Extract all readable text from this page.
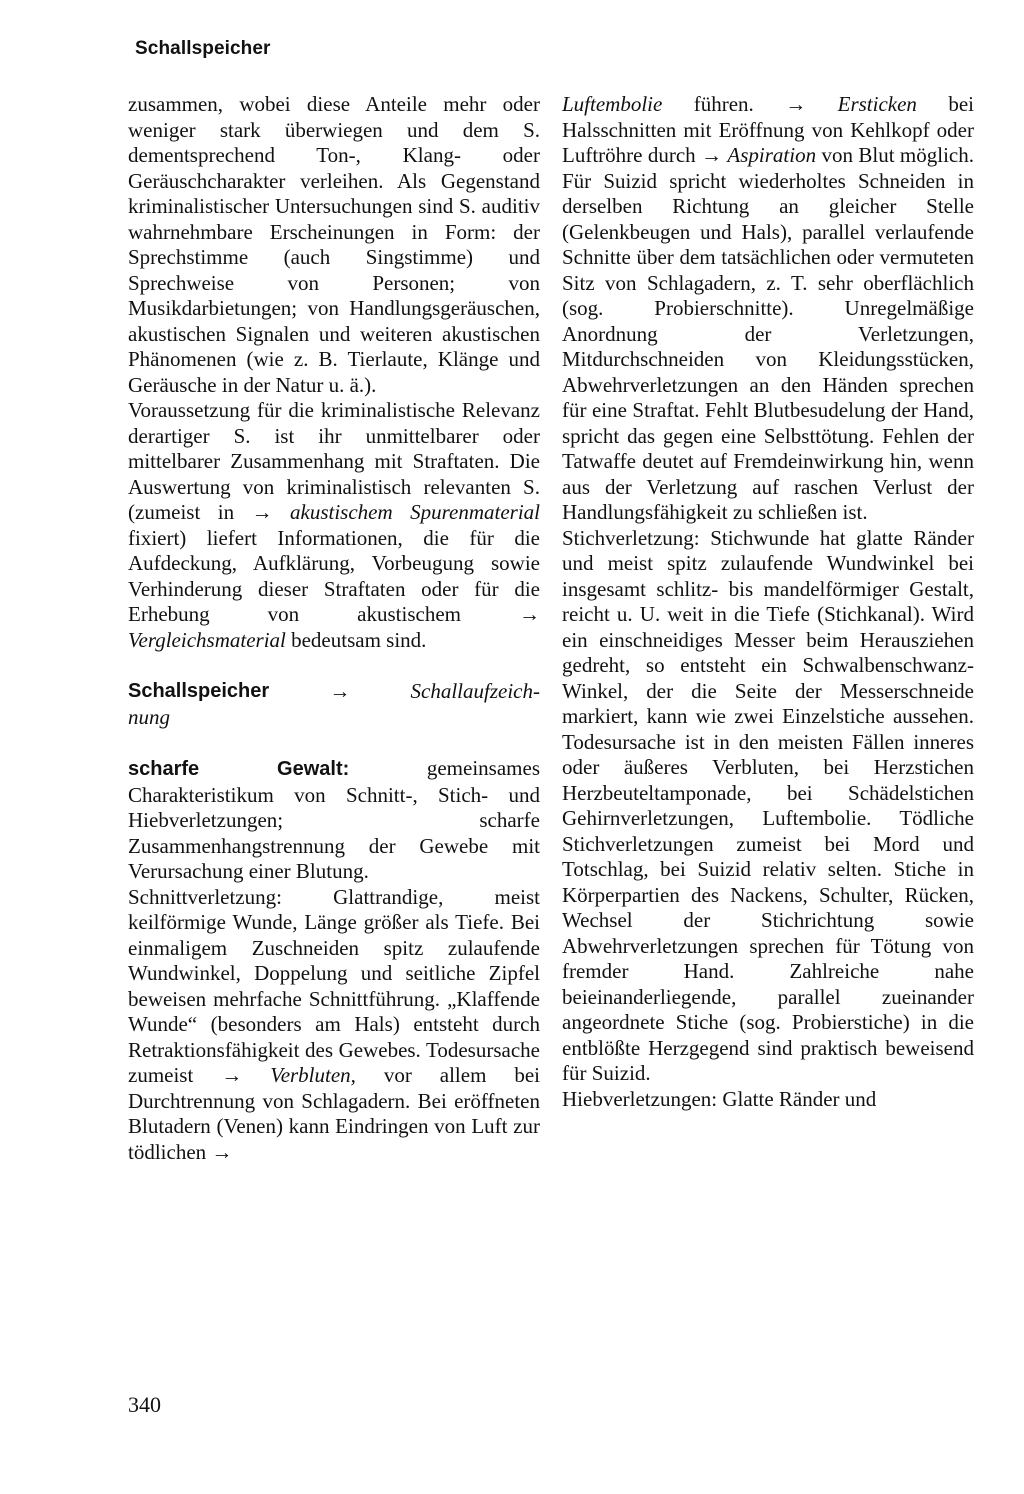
Schallspeicher

zusammen, wobei diese Anteile mehr oder weniger stark überwiegen und dem S. dementsprechend Ton-, Klang- oder Geräuschcharakter verleihen. Als Gegenstand kriminalistischer Untersuchungen sind S. auditiv wahrnehmbare Erscheinungen in Form: der Sprechstimme (auch Singstimme) und Sprechweise von Personen; von Musikdarbietungen; von Handlungsgeräuschen, akustischen Signalen und weiteren akustischen Phänomenen (wie z. B. Tierlaute, Klänge und Geräusche in der Natur u. ä.).

Voraussetzung für die kriminalistische Relevanz derartiger S. ist ihr unmittelbarer oder mittelbarer Zusammenhang mit Straftaten. Die Auswertung von kriminalistisch relevanten S. (zumeist in → akustischem Spurenmaterial fixiert) liefert Informationen, die für die Aufdeckung, Aufklärung, Vorbeugung sowie Verhinderung dieser Straftaten oder für die Erhebung von akustischem → Vergleichsmaterial bedeutsam sind.

Schallspeicher	→	Schallaufzeich-
nung

scharfe Gewalt: gemeinsames Charakteristikum von Schnitt-, Stich- und Hiebverletzungen; scharfe Zusammenhangstrennung der Gewebe mit Verursachung einer Blutung.

Schnittverletzung: Glattrandige, meist keilförmige Wunde, Länge größer als Tiefe. Bei einmaligem Zuschneiden spitz zulaufende Wundwinkel, Doppelung und seitliche Zipfel beweisen mehrfache Schnittführung. „Klaffende Wunde“ (besonders am Hals) entsteht durch Retraktionsfähigkeit des Gewebes. Todesursache zumeist → Verbluten, vor allem bei Durchtrennung von Schlagadern. Bei eröffneten Blutadern (Venen) kann Eindringen von Luft zur tödlichen →

Luftembolie führen. → Ersticken bei Halsschnitten mit Eröffnung von Kehlkopf oder Luftröhre durch → Aspiration von Blut möglich. Für Suizid spricht wiederholtes Schneiden in derselben Richtung an gleicher Stelle (Gelenkbeugen und Hals), parallel verlaufende Schnitte über dem tatsächlichen oder vermuteten Sitz von Schlagadern, z. T. sehr oberflächlich (sog. Probierschnitte). Unregelmäßige Anordnung der Verletzungen, Mitdurchschneiden von Kleidungsstücken, Abwehrverletzungen an den Händen sprechen für eine Straftat. Fehlt Blutbesudelung der Hand, spricht das gegen eine Selbsttötung. Fehlen der Tatwaffe deutet auf Fremdeinwirkung hin, wenn aus der Verletzung auf raschen Verlust der Handlungsfähigkeit zu schließen ist.

Stichverletzung: Stichwunde hat glatte Ränder und meist spitz zulaufende Wundwinkel bei insgesamt schlitz- bis mandelförmiger Gestalt, reicht u. U. weit in die Tiefe (Stichkanal). Wird ein einschneidiges Messer beim Herausziehen gedreht, so entsteht ein Schwalbenschwanz-Winkel, der die Seite der Messerschneide markiert, kann wie zwei Einzelstiche aussehen. Todesursache ist in den meisten Fällen inneres oder äußeres Verbluten, bei Herzstichen Herzbeuteltamponade, bei Schädelstichen Gehirnverletzungen, Luftembolie. Tödliche Stichverletzungen zumeist bei Mord und Totschlag, bei Suizid relativ selten. Stiche in Körperpartien des Nackens, Schulter, Rücken, Wechsel der Stichrichtung sowie Abwehrverletzungen sprechen für Tötung von fremder Hand. Zahlreiche nahe beieinanderliegende, parallel zueinander angeordnete Stiche (sog. Probierstiche) in die entblößte Herzgegend sind praktisch beweisend für Suizid.

Hiebverletzungen: Glatte Ränder und

340
